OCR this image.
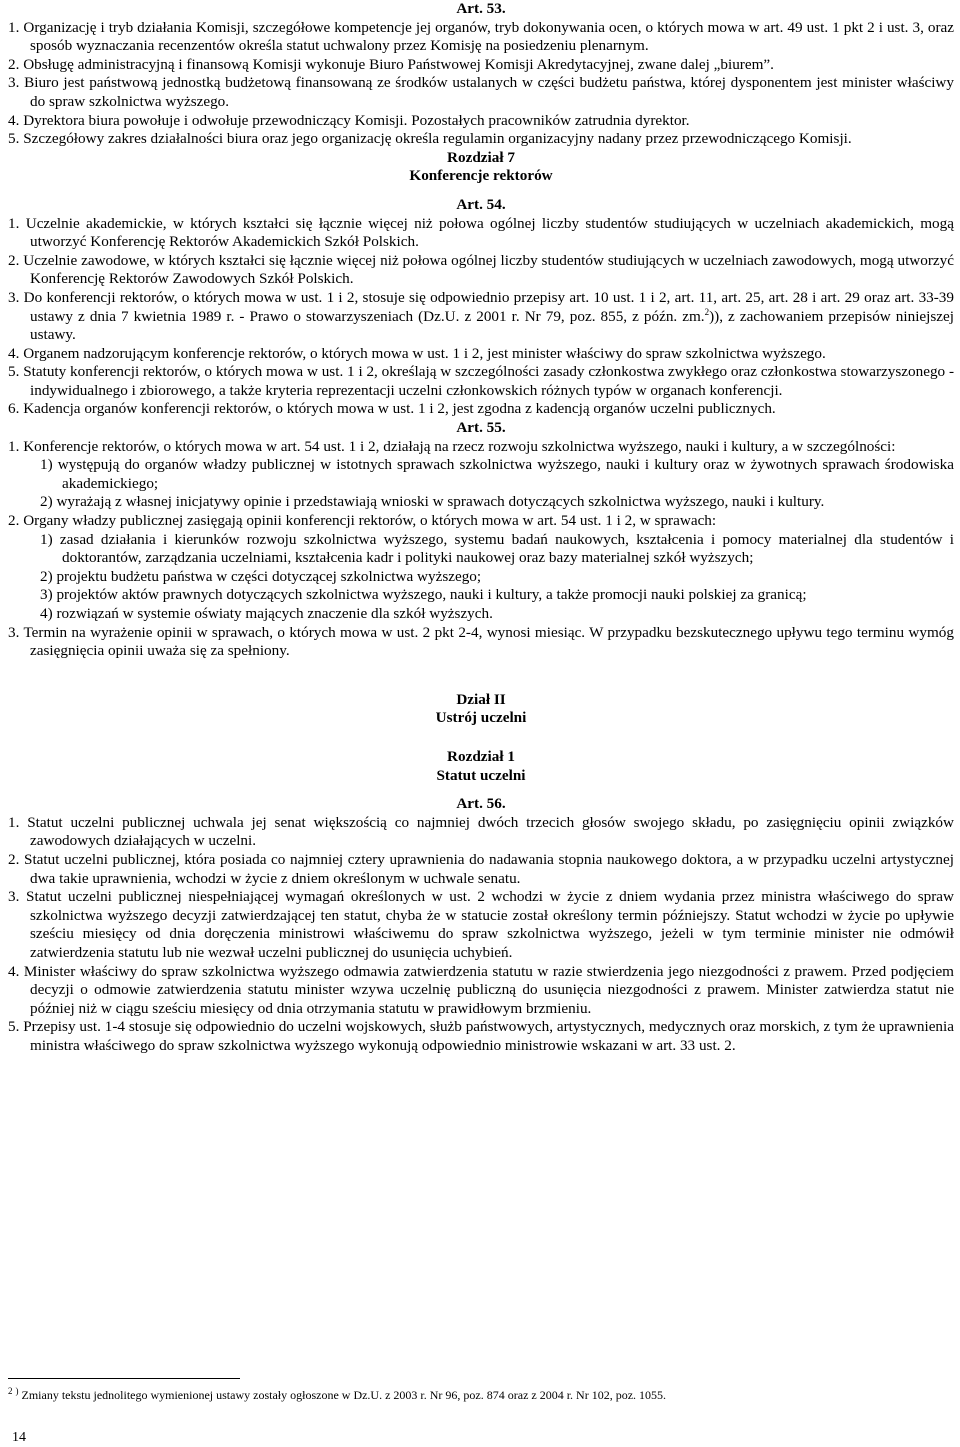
Art. 53.

1. Organizację i tryb działania Komisji, szczegółowe kompetencje jej organów, tryb dokonywania ocen, o których mowa w art. 49 ust. 1 pkt 2 i ust. 3, oraz sposób wyznaczania recenzentów określa statut uchwalony przez Komisję na posiedzeniu plenarnym.

2. Obsługę administracyjną i finansową Komisji wykonuje Biuro Państwowej Komisji Akredytacyjnej, zwane dalej „biurem”.

3. Biuro jest państwową jednostką budżetową finansowaną ze środków ustalanych w części budżetu państwa, której dysponentem jest minister właściwy do spraw szkolnictwa wyższego.

4. Dyrektora biura powołuje i odwołuje przewodniczący Komisji. Pozostałych pracowników zatrudnia dyrektor.

5. Szczegółowy zakres działalności biura oraz jego organizację określa regulamin organizacyjny nadany przez przewodniczącego Komisji.

Rozdział 7

Konferencje rektorów

Art. 54.

1. Uczelnie akademickie, w których kształci się łącznie więcej niż połowa ogólnej liczby studentów studiujących w uczelniach akademickich, mogą utworzyć Konferencję Rektorów Akademickich Szkół Polskich.

2. Uczelnie zawodowe, w których kształci się łącznie więcej niż połowa ogólnej liczby studentów studiujących w uczelniach zawodowych, mogą utworzyć Konferencję Rektorów Zawodowych Szkół Polskich.

3. Do konferencji rektorów, o których mowa w ust. 1 i 2, stosuje się odpowiednio przepisy art. 10 ust. 1 i 2, art. 11, art. 25, art. 28 i art. 29 oraz art. 33-39 ustawy z dnia 7 kwietnia 1989 r. - Prawo o stowarzyszeniach (Dz.U. z 2001 r. Nr 79, poz. 855, z późn. zm.$^2$)), z zachowaniem przepisów niniejszej ustawy.

4. Organem nadzorującym konferencje rektorów, o których mowa w ust. 1 i 2, jest minister właściwy do spraw szkolnictwa wyższego.

5. Statuty konferencji rektorów, o których mowa w ust. 1 i 2, określają w szczególności zasady członkostwa zwykłego oraz członkostwa stowarzyszonego - indywidualnego i zbiorowego, a także kryteria reprezentacji uczelni członkowskich różnych typów w organach konferencji.

6. Kadencja organów konferencji rektorów, o których mowa w ust. 1 i 2, jest zgodna z kadencją organów uczelni publicznych.

Art. 55.

1. Konferencje rektorów, o których mowa w art. 54 ust. 1 i 2, działają na rzecz rozwoju szkolnictwa wyższego, nauki i kultury, a w szczególności:

1) występują do organów władzy publicznej w istotnych sprawach szkolnictwa wyższego, nauki i kultury oraz w żywotnych sprawach środowiska akademickiego;

2) wyrażają z własnej inicjatywy opinie i przedstawiają wnioski w sprawach dotyczących szkolnictwa wyższego, nauki i kultury.

2. Organy władzy publicznej zasięgają opinii konferencji rektorów, o których mowa w art. 54 ust. 1 i 2, w sprawach:

1) zasad działania i kierunków rozwoju szkolnictwa wyższego, systemu badań naukowych, kształcenia i pomocy materialnej dla studentów i doktorantów, zarządzania uczelniami, kształcenia kadr i polityki naukowej oraz bazy materialnej szkół wyższych;

2) projektu budżetu państwa w części dotyczącej szkolnictwa wyższego;

3) projektów aktów prawnych dotyczących szkolnictwa wyższego, nauki i kultury, a także promocji nauki polskiej za granicą;

4) rozwiązań w systemie oświaty mających znaczenie dla szkół wyższych.

3. Termin na wyrażenie opinii w sprawach, o których mowa w ust. 2 pkt 2-4, wynosi miesiąc. W przypadku bezskutecznego upływu tego terminu wymóg zasięgnięcia opinii uważa się za spełniony.

Dział II

Ustrój uczelni

Rozdział 1

Statut uczelni

Art. 56.

1. Statut uczelni publicznej uchwala jej senat większością co najmniej dwóch trzecich głosów swojego składu, po zasięgnięciu opinii związków zawodowych działających w uczelni.

2. Statut uczelni publicznej, która posiada co najmniej cztery uprawnienia do nadawania stopnia naukowego doktora, a w przypadku uczelni artystycznej dwa takie uprawnienia, wchodzi w życie z dniem określonym w uchwale senatu.

3. Statut uczelni publicznej niespełniającej wymagań określonych w ust. 2 wchodzi w życie z dniem wydania przez ministra właściwego do spraw szkolnictwa wyższego decyzji zatwierdzającej ten statut, chyba że w statucie został określony termin późniejszy. Statut wchodzi w życie po upływie sześciu miesięcy od dnia doręczenia ministrowi właściwemu do spraw szkolnictwa wyższego, jeżeli w tym terminie minister nie odmówił zatwierdzenia statutu lub nie wezwał uczelni publicznej do usunięcia uchybień.

4. Minister właściwy do spraw szkolnictwa wyższego odmawia zatwierdzenia statutu w razie stwierdzenia jego niezgodności z prawem. Przed podjęciem decyzji o odmowie zatwierdzenia statutu minister wzywa uczelnię publiczną do usunięcia niezgodności z prawem. Minister zatwierdza statut nie później niż w ciągu sześciu miesięcy od dnia otrzymania statutu w prawidłowym brzmieniu.

5. Przepisy ust. 1-4 stosuje się odpowiednio do uczelni wojskowych, służb państwowych, artystycznych, medycznych oraz morskich, z tym że uprawnienia ministra właściwego do spraw szkolnictwa wyższego wykonują odpowiednio ministrowie wskazani w art. 33 ust. 2.

$^2$ ) Zmiany tekstu jednolitego wymienionej ustawy zostały ogłoszone w Dz.U. z 2003 r. Nr 96, poz. 874 oraz z 2004 r. Nr 102, poz. 1055.

14
